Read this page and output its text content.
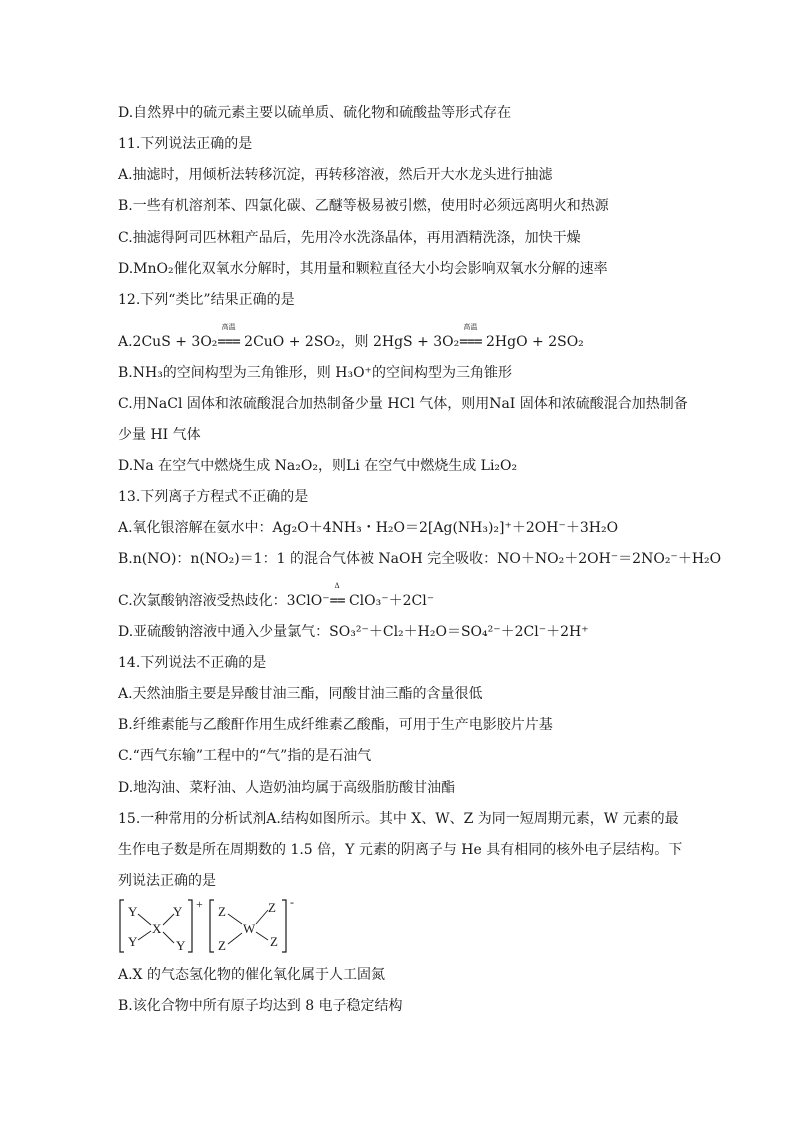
D.自然界中的硫元素主要以硫单质、硫化物和硫酸盐等形式存在
11.下列说法正确的是
A.抽滤时，用倾析法转移沉淀，再转移溶液，然后开大水龙头进行抽滤
B.一些有机溶剂苯、四氯化碳、乙醚等极易被引燃，使用时必须远离明火和热源
C.抽滤得阿司匹林粗产品后，先用冷水洗涤晶体，再用酒精洗涤，加快干燥
D.MnO₂催化双氧水分解时，其用量和颗粒直径大小均会影响双氧水分解的速率
12.下列“类比”结果正确的是
A.2CuS + 3O₂
高温
=== 2CuO + 2SO₂，则 2HgS + 3O₂
高温
=== 2HgO + 2SO₂
B.NH₃的空间构型为三角锥形，则 H₃O⁺的空间构型为三角锥形
C.用NaCl 固体和浓硫酸混合加热制备少量 HCl 气体，则用NaI 固体和浓硫酸混合加热制备
少量 HI 气体
D.Na 在空气中燃烧生成 Na₂O₂，则Li 在空气中燃烧生成 Li₂O₂
13.下列离子方程式不正确的是
A.氧化银溶解在氨水中：Ag₂O＋4NH₃・H₂O＝2[Ag(NH₃)₂]⁺＋2OH⁻＋3H₂O
B.n(NO)：n(NO₂)＝1：1 的混合气体被 NaOH 完全吸收：NO＋NO₂＋2OH⁻＝2NO₂⁻＋H₂O
C.次氯酸钠溶液受热歧化：3ClO⁻
Δ
== ClO₃⁻＋2Cl⁻
D.亚硫酸钠溶液中通入少量氯气：SO₃²⁻＋Cl₂＋H₂O＝SO₄²⁻＋2Cl⁻＋2H⁺
14.下列说法不正确的是
A.天然油脂主要是异酸甘油三酯，同酸甘油三酯的含量很低
B.纤维素能与乙酸酐作用生成纤维素乙酸酯，可用于生产电影胶片片基
C.“西气东输”工程中的“气”指的是石油气
D.地沟油、菜籽油、人造奶油均属于高级脂肪酸甘油酯
15.一种常用的分析试剂A.结构如图所示。其中 X、W、Z 为同一短周期元素，W 元素的最
生作电子数是所在周期数的 1.5 倍，Y 元素的阴离子与 He 具有相同的核外电子层结构。下
列说法正确的是
Y	Y
Y	Y
X
+ Z	Z
Z	Z
W
-
A.X 的气态氢化物的催化氧化属于人工固氮
B.该化合物中所有原子均达到 8 电子稳定结构
